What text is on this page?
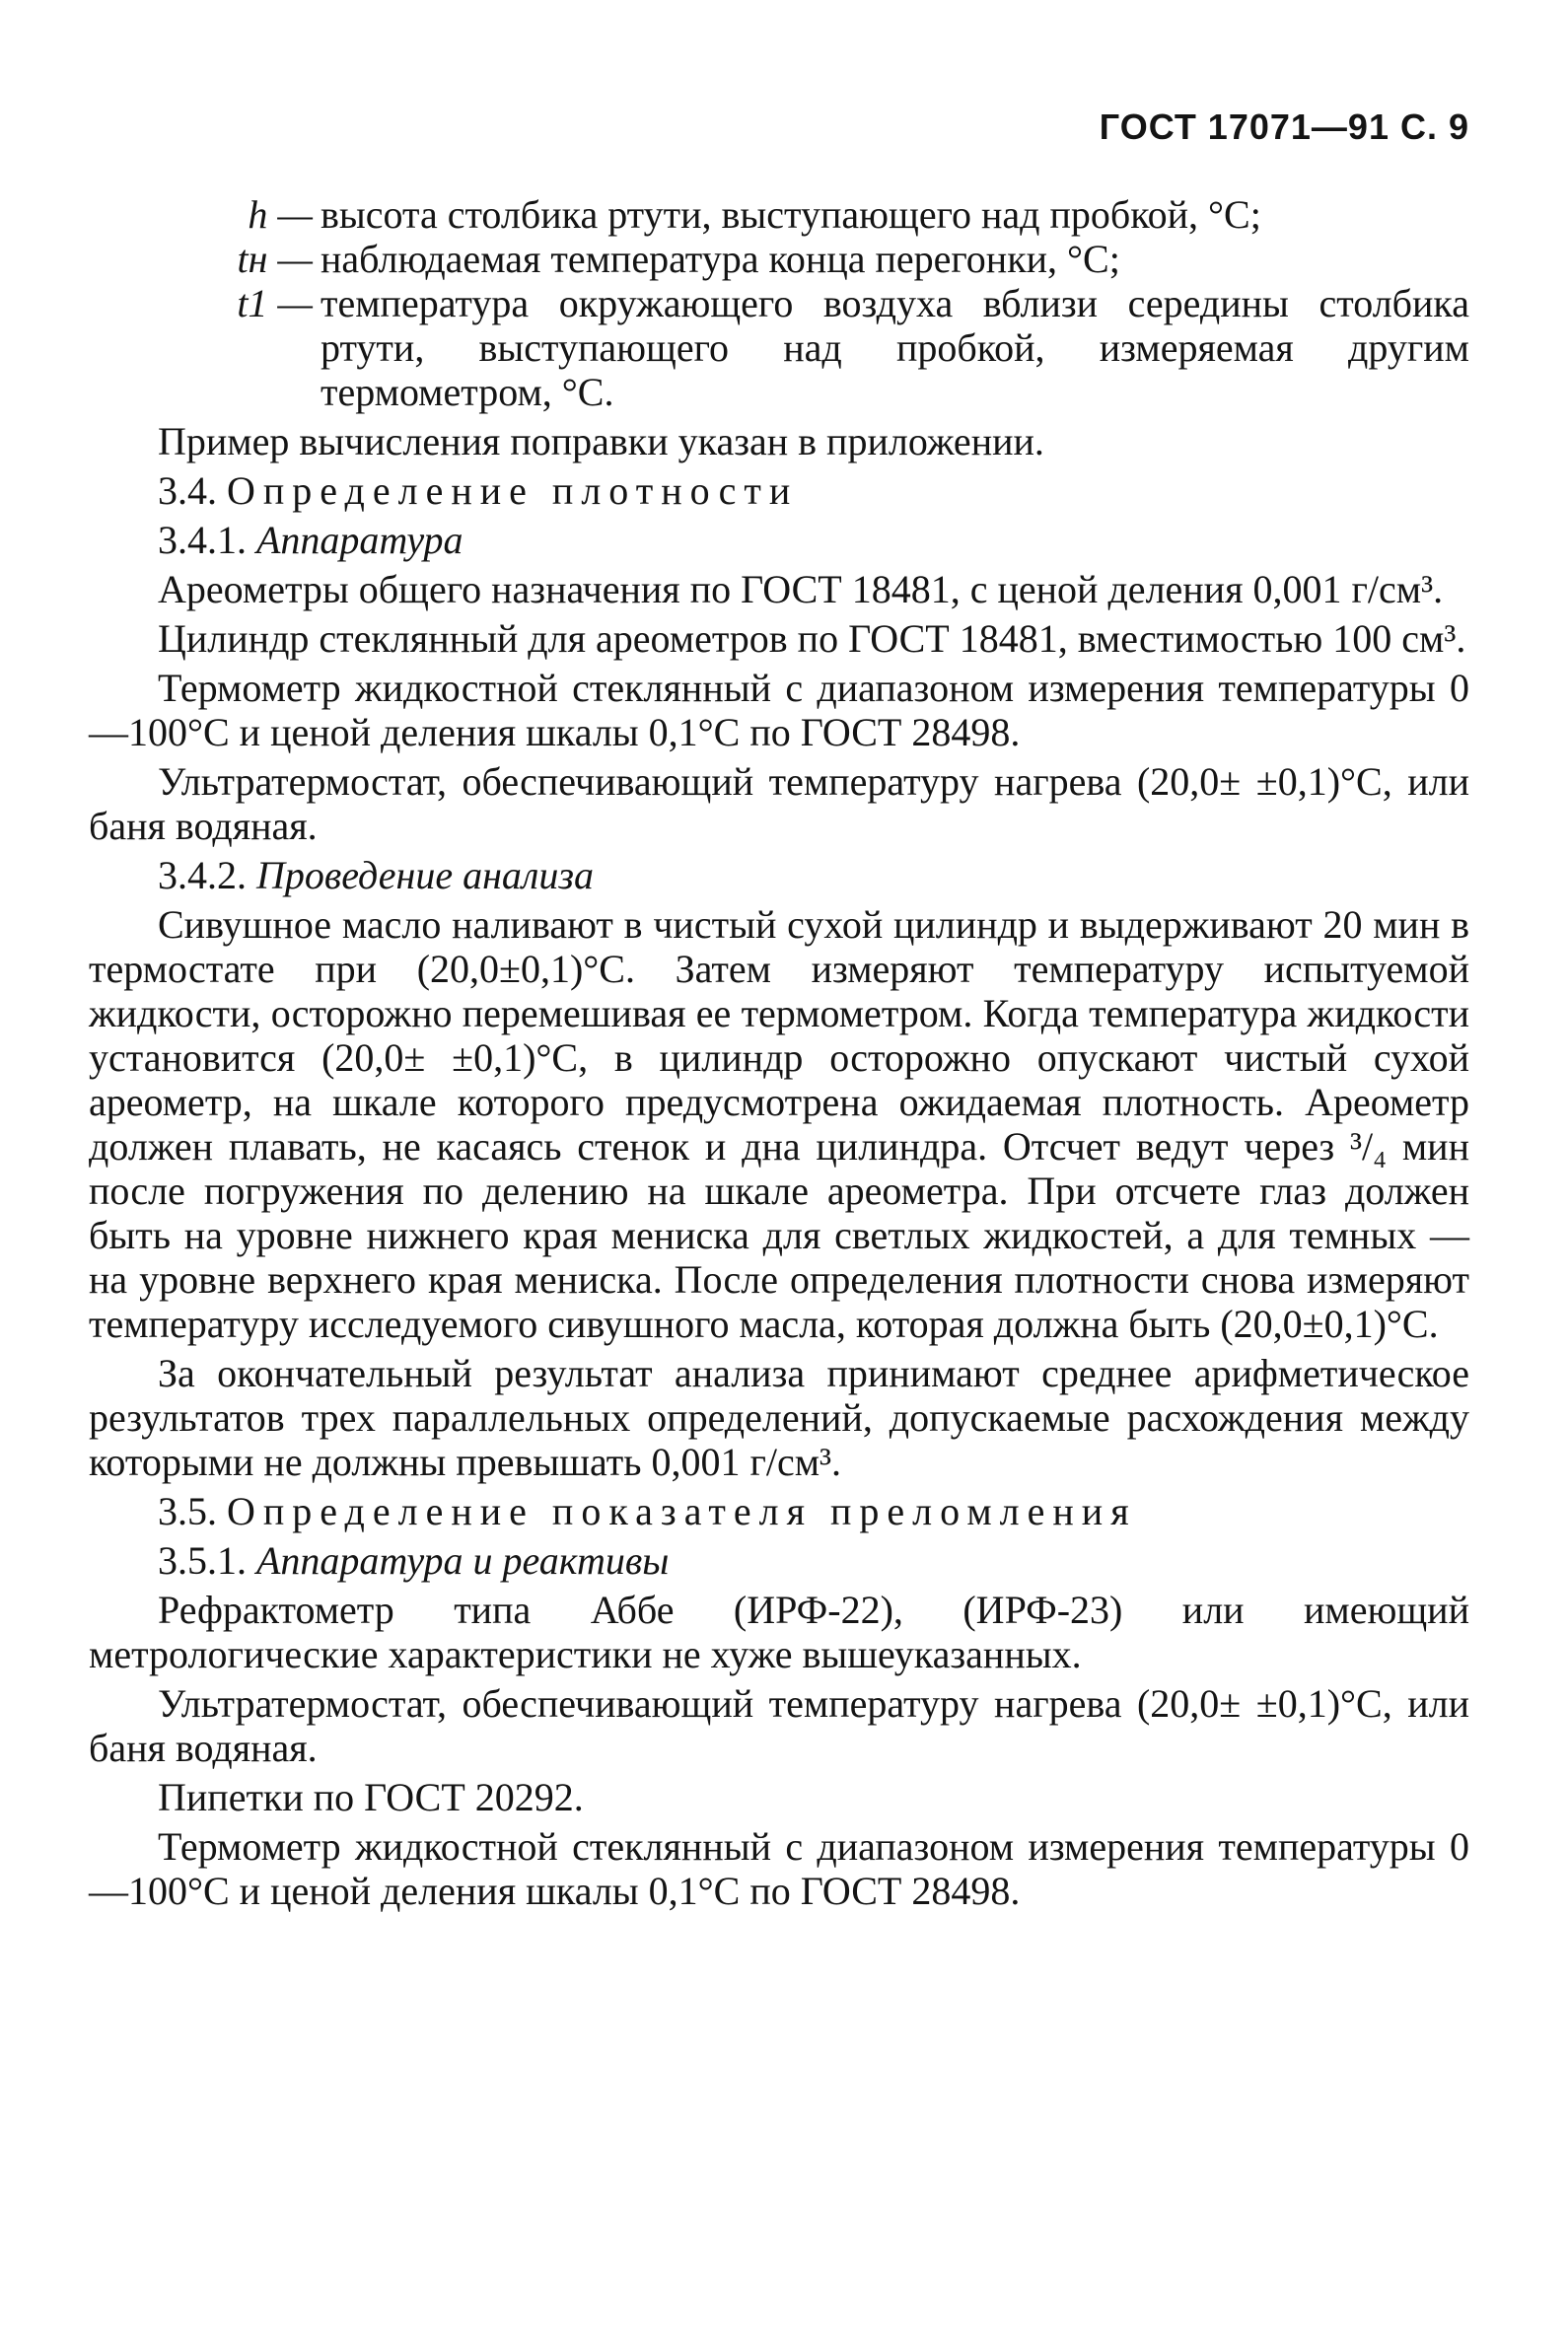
ГОСТ 17071—91 С. 9
h — высота столбика ртути, выступающего над пробкой, °С;
tн — наблюдаемая температура конца перегонки, °С;
t1 — температура окружающего воздуха вблизи середины столбика ртути, выступающего над пробкой, измеряемая другим термометром, °С.

Пример вычисления поправки указан в приложении.

3.4. Определение плотности

3.4.1. Аппаратура

Ареометры общего назначения по ГОСТ 18481, с ценой деления 0,001 г/см³.

Цилиндр стеклянный для ареометров по ГОСТ 18481, вместимостью 100 см³.

Термометр жидкостной стеклянный с диапазоном измерения температуры 0—100°С и ценой деления шкалы 0,1°С по ГОСТ 28498.

Ультратермостат, обеспечивающий температуру нагрева (20,0± ±0,1)°С, или баня водяная.

3.4.2. Проведение анализа

Сивушное масло наливают в чистый сухой цилиндр и выдерживают 20 мин в термостате при (20,0±0,1)°С. Затем измеряют температуру испытуемой жидкости, осторожно перемешивая ее термометром. Когда температура жидкости установится (20,0± ±0,1)°С, в цилиндр осторожно опускают чистый сухой ареометр, на шкале которого предусмотрена ожидаемая плотность. Ареометр должен плавать, не касаясь стенок и дна цилиндра. Отсчет ведут через ³/₄ мин после погружения по делению на шкале ареометра. При отсчете глаз должен быть на уровне нижнего края мениска для светлых жидкостей, а для темных — на уровне верхнего края мениска. После определения плотности снова измеряют температуру исследуемого сивушного масла, которая должна быть (20,0±0,1)°С.

За окончательный результат анализа принимают среднее арифметическое результатов трех параллельных определений, допускаемые расхождения между которыми не должны превышать 0,001 г/см³.

3.5. Определение показателя преломления

3.5.1. Аппаратура и реактивы

Рефрактометр типа Аббе (ИРФ-22), (ИРФ-23) или имеющий метрологические характеристики не хуже вышеуказанных.

Ультратермостат, обеспечивающий температуру нагрева (20,0± ±0,1)°С, или баня водяная.

Пипетки по ГОСТ 20292.

Термометр жидкостной стеклянный с диапазоном измерения температуры 0—100°С и ценой деления шкалы 0,1°С по ГОСТ 28498.
